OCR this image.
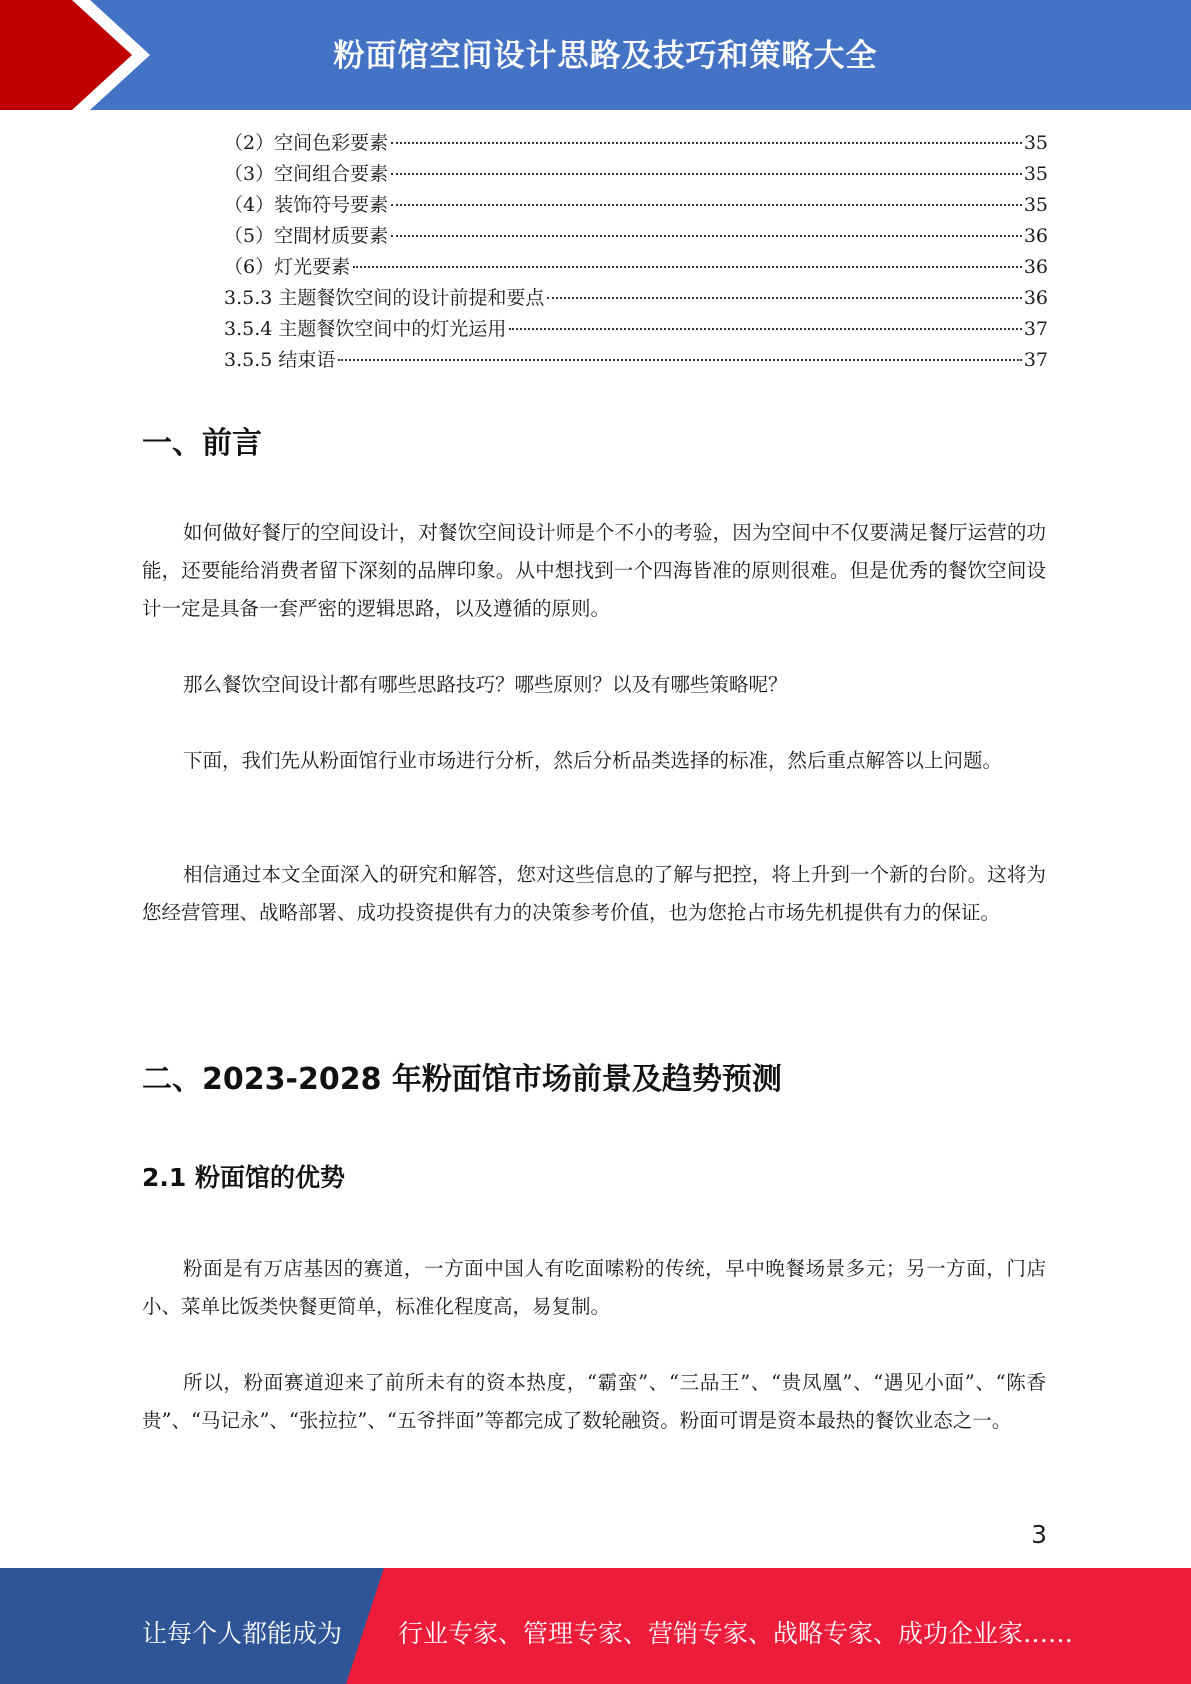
粉面馆空间设计思路及技巧和策略大全
（2）空间色彩要素	35
（3）空间组合要素	35
（4）装饰符号要素	35
（5）空間材质要素	36
（6）灯光要素	36
3.5.3 主题餐饮空间的设计前提和要点	36
3.5.4 主题餐饮空间中的灯光运用	37
3.5.5 结束语	37
一、前言

如何做好餐厅的空间设计，对餐饮空间设计师是个不小的考验，因为空间中不仅要满足餐厅运营的功能，还要能给消费者留下深刻的品牌印象。从中想找到一个四海皆准的原则很难。但是优秀的餐饮空间设计一定是具备一套严密的逻辑思路，以及遵循的原则。

那么餐饮空间设计都有哪些思路技巧？哪些原则？以及有哪些策略呢？

下面，我们先从粉面馆行业市场进行分析，然后分析品类选择的标准，然后重点解答以上问题。

相信通过本文全面深入的研究和解答，您对这些信息的了解与把控，将上升到一个新的台阶。这将为您经营管理、战略部署、成功投资提供有力的决策参考价值，也为您抢占市场先机提供有力的保证。

二、2023-2028 年粉面馆市场前景及趋势预测
2.1 粉面馆的优势

粉面是有万店基因的赛道，一方面中国人有吃面嗦粉的传统，早中晚餐场景多元；另一方面，门店小、菜单比饭类快餐更简单，标准化程度高，易复制。

所以，粉面赛道迎来了前所未有的资本热度，“霸蛮”、“三品王”、“贵凤凰”、“遇见小面”、“陈香贵”、“马记永”、“张拉拉”、“五爷拌面”等都完成了数轮融资。粉面可谓是资本最热的餐饮业态之一。

3
让每个人都能成为 行业专家、管理专家、营销专家、战略专家、成功企业家……
